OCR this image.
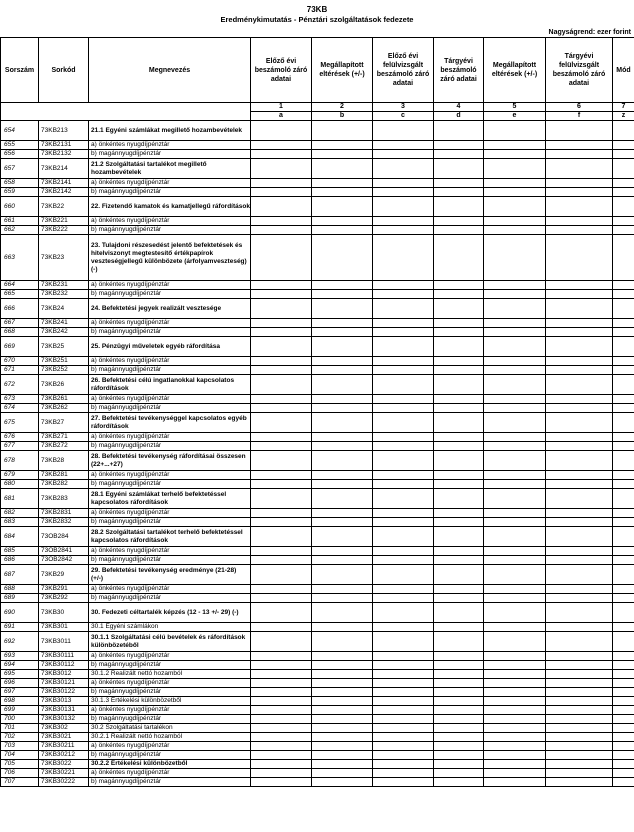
73KB
Eredménykimutatás - Pénztári szolgáltatások fedezete
Nagyságrend: ezer forint
Sorszám	Sorkód	Megnevezés	Előző évi beszámoló záró adatai	Megállapított eltérések (+/-)	Előző évi felülvizsgált beszámoló záró adatai	Tárgyévi beszámoló záró adatai	Megállapított eltérések (+/-)	Tárgyévi felülvizsgált beszámoló záró adatai	Mód
			1	2	3	4	5	6	7
			a	b	c	d	e	f	z
654	73KB213	21.1 Egyéni számlákat megillető hozambevételek							
655	73KB2131	a) önkéntes nyugdíjpénztár							
656	73KB2132	b) magánnyugdíjpénztár							
657	73KB214	21.2 Szolgáltatási tartalékot megillető hozambevételek							
658	73KB2141	a) önkéntes nyugdíjpénztár							
659	73KB2142	b) magánnyugdíjpénztár							
660	73KB22	22. Fizetendő kamatok és kamatjellegű ráfordítások							
661	73KB221	a) önkéntes nyugdíjpénztár							
662	73KB222	b) magánnyugdíjpénztár							
663	73KB23	23. Tulajdoni részesedést jelentő befektetések és hitelviszonyt megtestesítő értékpapírok veszteségjellegű különbözete (árfolyamveszteség) (-)							
664	73KB231	a) önkéntes nyugdíjpénztár							
665	73KB232	b) magánnyugdíjpénztár							
666	73KB24	24. Befektetési jegyek realizált vesztesége							
667	73KB241	a) önkéntes nyugdíjpénztár							
668	73KB242	b) magánnyugdíjpénztár							
669	73KB25	25. Pénzügyi műveletek egyéb ráfordítása							
670	73KB251	a) önkéntes nyugdíjpénztár							
671	73KB252	b) magánnyugdíjpénztár							
672	73KB26	26. Befektetési célú ingatlanokkal kapcsolatos ráfordítások							
673	73KB261	a) önkéntes nyugdíjpénztár							
674	73KB262	b) magánnyugdíjpénztár							
675	73KB27	27. Befektetési tevékenységgel kapcsolatos egyéb ráfordítások							
676	73KB271	a) önkéntes nyugdíjpénztár							
677	73KB272	b) magánnyugdíjpénztár							
678	73KB28	28. Befektetési tevékenység ráfordításai összesen (22+...+27)							
679	73KB281	a) önkéntes nyugdíjpénztár							
680	73KB282	b) magánnyugdíjpénztár							
681	73KB283	28.1 Egyéni számlákat terhelő befektetéssel kapcsolatos ráfordítások							
682	73KB2831	a) önkéntes nyugdíjpénztár							
683	73KB2832	b) magánnyugdíjpénztár							
684	73OB284	28.2 Szolgáltatási tartalékot terhelő befektetéssel kapcsolatos ráfordítások							
685	73OB2841	a) önkéntes nyugdíjpénztár							
686	73OB2842	b) magánnyugdíjpénztár							
687	73KB29	29. Befektetési tevékenység eredménye (21-28) (+/-)							
688	73KB291	a) önkéntes nyugdíjpénztár							
689	73KB292	b) magánnyugdíjpénztár							
690	73KB30	30. Fedezeti céltartalék képzés (12 - 13 +/- 29) (-)							
691	73KB301	30.1 Egyéni számlákon							
692	73KB3011	30.1.1 Szolgáltatási célú bevételek és ráfordítások különbözetéből							
693	73KB30111	a) önkéntes nyugdíjpénztár							
694	73KB30112	b) magánnyugdíjpénztár							
695	73KB3012	30.1.2 Realizált nettó hozamból							
696	73KB30121	a) önkéntes nyugdíjpénztár							
697	73KB30122	b) magánnyugdíjpénztár							
698	73KB3013	30.1.3 Értékelési különbözetből							
699	73KB30131	a) önkéntes nyugdíjpénztár							
700	73KB30132	b) magánnyugdíjpénztár							
701	73KB302	30.2 Szolgáltatási tartalékon							
702	73KB3021	30.2.1 Realizált nettó hozamból							
703	73KB30211	a) önkéntes nyugdíjpénztár							
704	73KB30212	b) magánnyugdíjpénztár							
705	73KB3022	30.2.2 Értékelési különbözetből							
706	73KB30221	a) önkéntes nyugdíjpénztár							
707	73KB30222	b) magánnyugdíjpénztár							
